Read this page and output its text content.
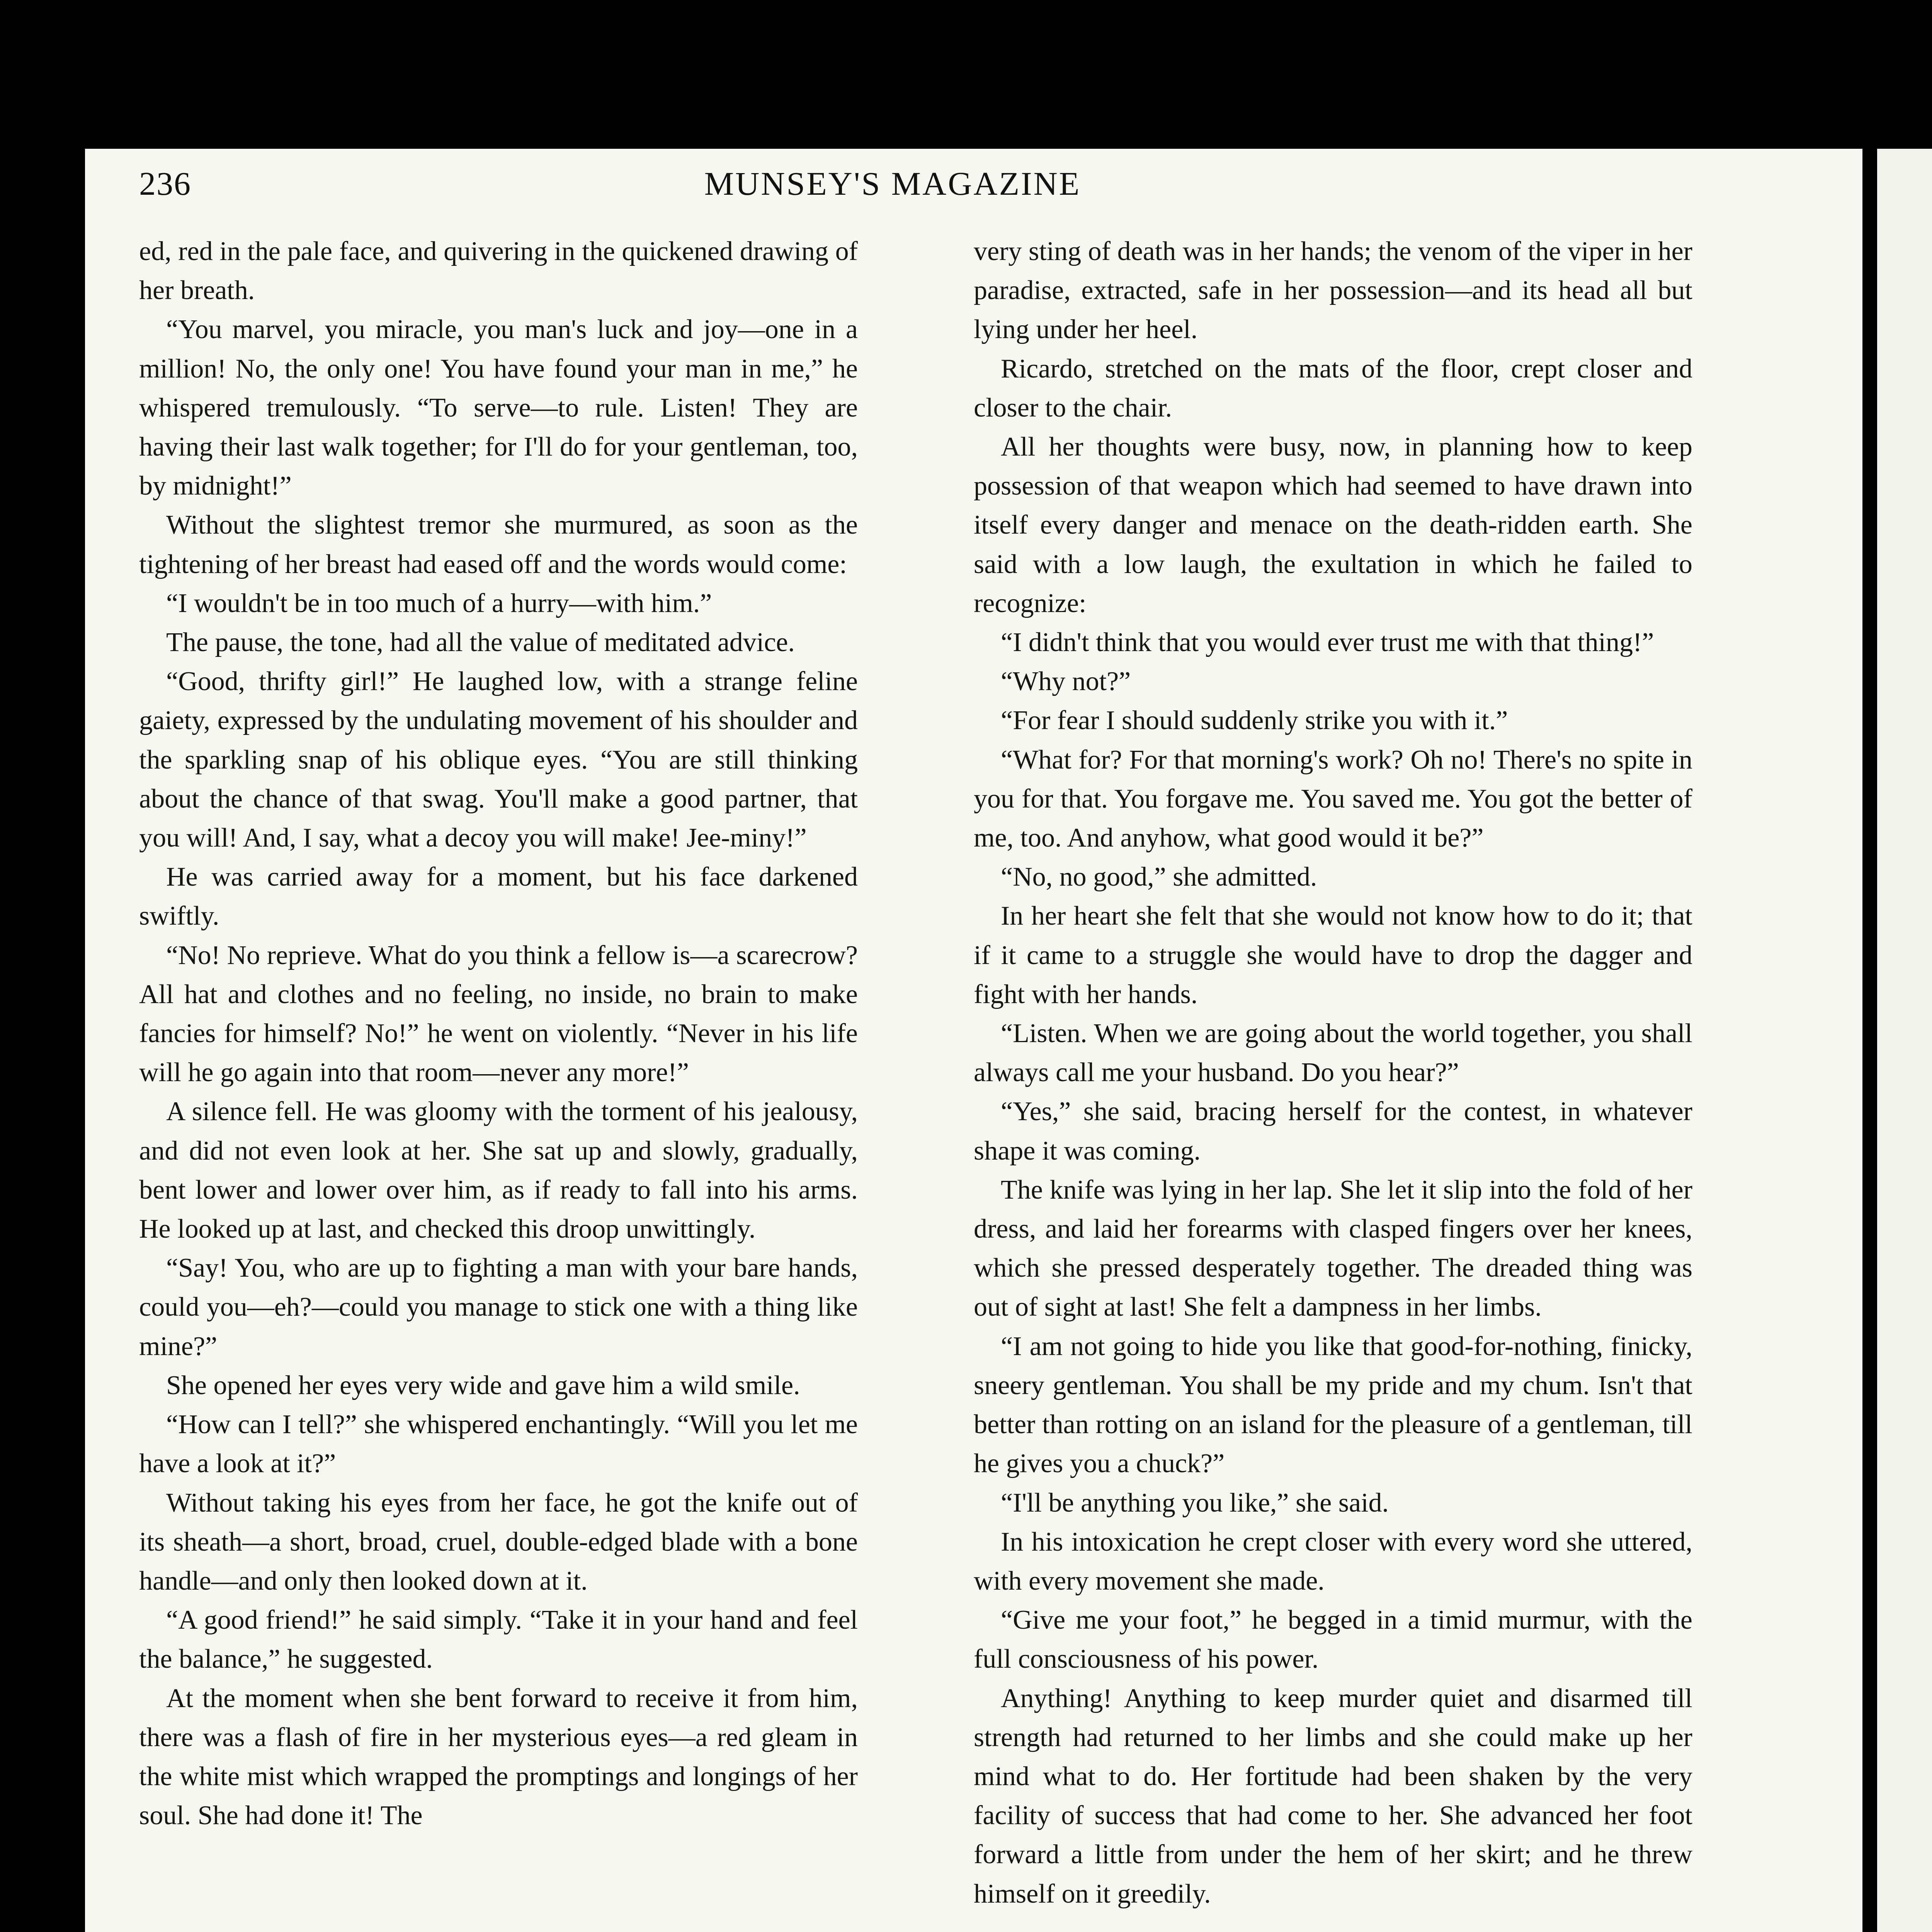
236	MUNSEY'S MAGAZINE

ed, red in the pale face, and quivering in the quickened drawing of her breath.

“You marvel, you miracle, you man's luck and joy—one in a million! No, the only one! You have found your man in me,” he whispered tremulously. “To serve—to rule. Listen! They are having their last walk together; for I'll do for your gentleman, too, by midnight!”

Without the slightest tremor she murmured, as soon as the tightening of her breast had eased off and the words would come:

“I wouldn't be in too much of a hurry—with him.”

The pause, the tone, had all the value of meditated advice.

“Good, thrifty girl!” He laughed low, with a strange feline gaiety, expressed by the undulating movement of his shoulder and the sparkling snap of his oblique eyes. “You are still thinking about the chance of that swag. You'll make a good partner, that you will! And, I say, what a decoy you will make! Jee-miny!”

He was carried away for a moment, but his face darkened swiftly.

“No! No reprieve. What do you think a fellow is—a scarecrow? All hat and clothes and no feeling, no inside, no brain to make fancies for himself? No!” he went on violently. “Never in his life will he go again into that room—never any more!”

A silence fell. He was gloomy with the torment of his jealousy, and did not even look at her. She sat up and slowly, gradually, bent lower and lower over him, as if ready to fall into his arms. He looked up at last, and checked this droop unwittingly.

“Say! You, who are up to fighting a man with your bare hands, could you—eh?—could you manage to stick one with a thing like mine?”

She opened her eyes very wide and gave him a wild smile.

“How can I tell?” she whispered enchantingly. “Will you let me have a look at it?”

Without taking his eyes from her face, he got the knife out of its sheath—a short, broad, cruel, double-edged blade with a bone handle—and only then looked down at it.

“A good friend!” he said simply. “Take it in your hand and feel the balance,” he suggested.

At the moment when she bent forward to receive it from him, there was a flash of fire in her mysterious eyes—a red gleam in the white mist which wrapped the promptings and longings of her soul. She had done it! The

very sting of death was in her hands; the venom of the viper in her paradise, extracted, safe in her possession—and its head all but lying under her heel.

Ricardo, stretched on the mats of the floor, crept closer and closer to the chair.

All her thoughts were busy, now, in planning how to keep possession of that weapon which had seemed to have drawn into itself every danger and menace on the death-ridden earth. She said with a low laugh, the exultation in which he failed to recognize:

“I didn't think that you would ever trust me with that thing!”

“Why not?”

“For fear I should suddenly strike you with it.”

“What for? For that morning's work? Oh no! There's no spite in you for that. You forgave me. You saved me. You got the better of me, too. And anyhow, what good would it be?”

“No, no good,” she admitted.

In her heart she felt that she would not know how to do it; that if it came to a struggle she would have to drop the dagger and fight with her hands.

“Listen. When we are going about the world together, you shall always call me your husband. Do you hear?”

“Yes,” she said, bracing herself for the contest, in whatever shape it was coming.

The knife was lying in her lap. She let it slip into the fold of her dress, and laid her forearms with clasped fingers over her knees, which she pressed desperately together. The dreaded thing was out of sight at last! She felt a dampness in her limbs.

“I am not going to hide you like that good-for-nothing, finicky, sneery gentleman. You shall be my pride and my chum. Isn't that better than rotting on an island for the pleasure of a gentleman, till he gives you a chuck?”

“I'll be anything you like,” she said.

In his intoxication he crept closer with every word she uttered, with every movement she made.

“Give me your foot,” he begged in a timid murmur, with the full consciousness of his power.

Anything! Anything to keep murder quiet and disarmed till strength had returned to her limbs and she could make up her mind what to do. Her fortitude had been shaken by the very facility of success that had come to her. She advanced her foot forward a little from under the hem of her skirt; and he threw himself on it greedily.
